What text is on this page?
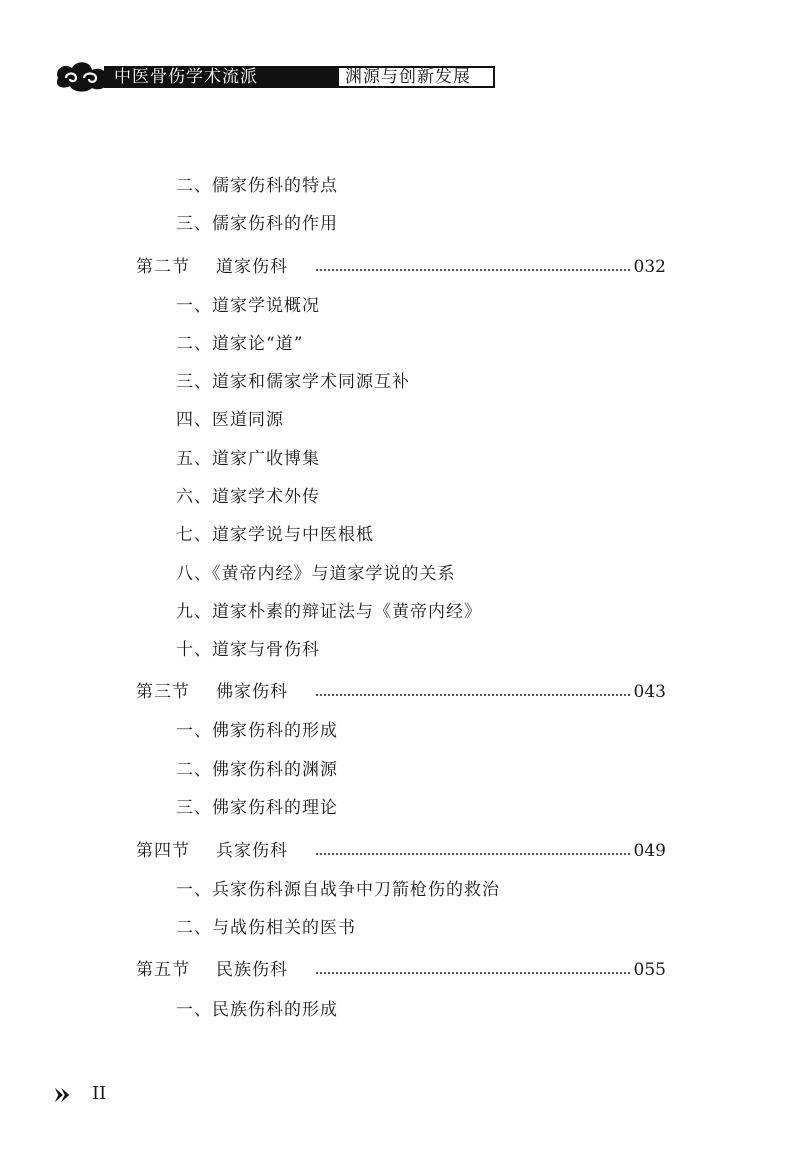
中医骨伤学术流派	渊源与创新发展
二、儒家伤科的特点
三、儒家伤科的作用
第二节 道家伤科	032
一、道家学说概况
二、道家论“道”
三、道家和儒家学术同源互补
四、医道同源
五、道家广收博集
六、道家学术外传
七、道家学说与中医根柢
八、《黄帝内经》与道家学说的关系
九、道家朴素的辩证法与《黄帝内经》
十、道家与骨伤科
第三节 佛家伤科	043
一、佛家伤科的形成
二、佛家伤科的渊源
三、佛家伤科的理论
第四节 兵家伤科	049
一、兵家伤科源自战争中刀箭枪伤的救治
二、与战伤相关的医书
第五节 民族伤科	055
一、民族伤科的形成
II
